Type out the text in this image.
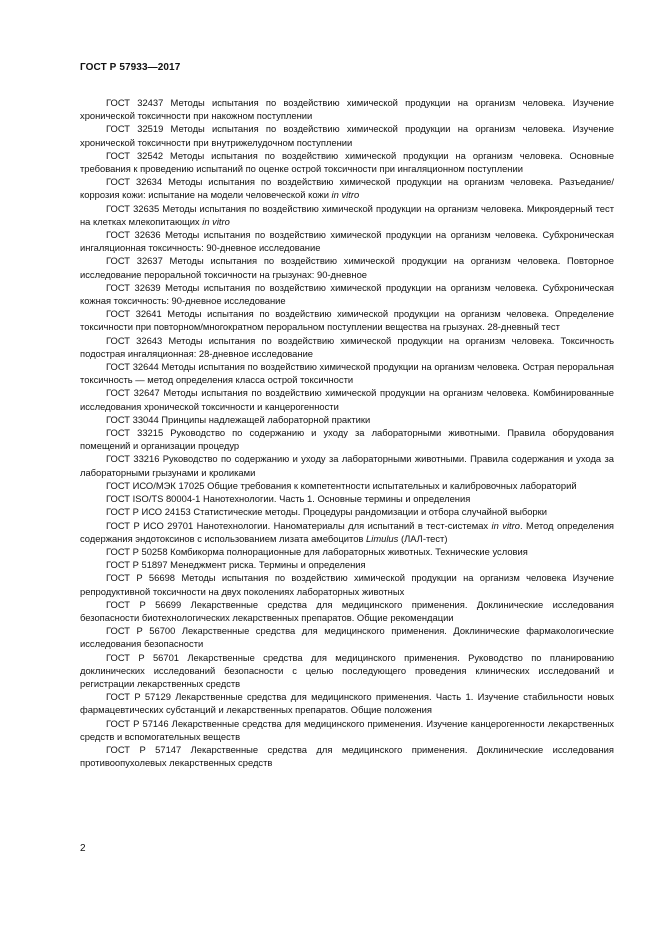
ГОСТ Р 57933—2017

ГОСТ 32437 Методы испытания по воздействию химической продукции на организм человека. Изучение хронической токсичности при накожном поступлении

ГОСТ 32519 Методы испытания по воздействию химической продукции на организм человека. Изучение хронической токсичности при внутрижелудочном поступлении

ГОСТ 32542 Методы испытания по воздействию химической продукции на организм человека. Основные требования к проведению испытаний по оценке острой токсичности при ингаляционном поступлении

ГОСТ 32634 Методы испытания по воздействию химической продукции на организм человека. Разъедание/коррозия кожи: испытание на модели человеческой кожи in vitro

ГОСТ 32635 Методы испытания по воздействию химической продукции на организм человека. Микроядерный тест на клетках млекопитающих in vitro

ГОСТ 32636 Методы испытания по воздействию химической продукции на организм человека. Субхроническая ингаляционная токсичность: 90-дневное исследование

ГОСТ 32637 Методы испытания по воздействию химической продукции на организм человека. Повторное исследование пероральной токсичности на грызунах: 90-дневное

ГОСТ 32639 Методы испытания по воздействию химической продукции на организм человека. Субхроническая кожная токсичность: 90-дневное исследование

ГОСТ 32641 Методы испытания по воздействию химической продукции на организм человека. Определение токсичности при повторном/многократном пероральном поступлении вещества на грызунах. 28-дневный тест

ГОСТ 32643 Методы испытания по воздействию химической продукции на организм человека. Токсичность подострая ингаляционная: 28-дневное исследование

ГОСТ 32644 Методы испытания по воздействию химической продукции на организм человека. Острая пероральная токсичность — метод определения класса острой токсичности

ГОСТ 32647 Методы испытания по воздействию химической продукции на организм человека. Комбинированные исследования хронической токсичности и канцерогенности

ГОСТ 33044 Принципы надлежащей лабораторной практики

ГОСТ 33215 Руководство по содержанию и уходу за лабораторными животными. Правила оборудования помещений и организации процедур

ГОСТ 33216 Руководство по содержанию и уходу за лабораторными животными. Правила содержания и ухода за лабораторными грызунами и кроликами

ГОСТ ИСО/МЭК 17025 Общие требования к компетентности испытательных и калибровочных лабораторий

ГОСТ ISO/TS 80004-1 Нанотехнологии. Часть 1. Основные термины и определения

ГОСТ Р ИСО 24153 Статистические методы. Процедуры рандомизации и отбора случайной выборки

ГОСТ Р ИСО 29701 Нанотехнологии. Наноматериалы для испытаний в тест-системах in vitro. Метод определения содержания эндотоксинов с использованием лизата амебоцитов Limulus (ЛАЛ-тест)

ГОСТ Р 50258 Комбикорма полнорационные для лабораторных животных. Технические условия

ГОСТ Р 51897 Менеджмент риска. Термины и определения

ГОСТ Р 56698 Методы испытания по воздействию химической продукции на организм человека Изучение репродуктивной токсичности на двух поколениях лабораторных животных

ГОСТ Р 56699 Лекарственные средства для медицинского применения. Доклинические исследования безопасности биотехнологических лекарственных препаратов. Общие рекомендации

ГОСТ Р 56700 Лекарственные средства для медицинского применения. Доклинические фармакологические исследования безопасности

ГОСТ Р 56701 Лекарственные средства для медицинского применения. Руководство по планированию доклинических исследований безопасности с целью последующего проведения клинических исследований и регистрации лекарственных средств

ГОСТ Р 57129 Лекарственные средства для медицинского применения. Часть 1. Изучение стабильности новых фармацевтических субстанций и лекарственных препаратов. Общие положения

ГОСТ Р 57146 Лекарственные средства для медицинского применения. Изучение канцерогенности лекарственных средств и вспомогательных веществ

ГОСТ Р 57147 Лекарственные средства для медицинского применения. Доклинические исследования противоопухолевых лекарственных средств

2
